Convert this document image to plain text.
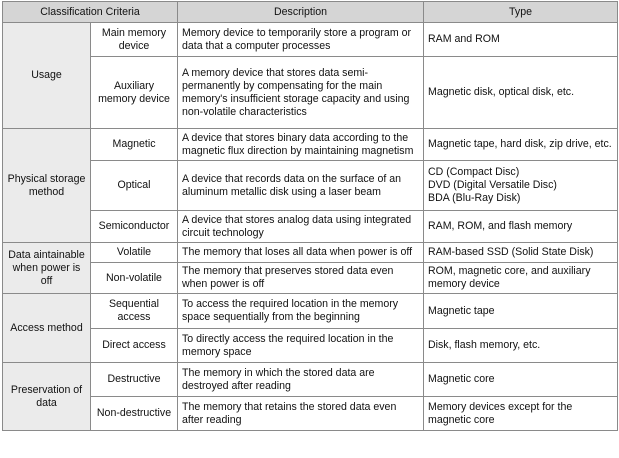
Classification Criteria		Description	Type
Usage	Main memory device	Memory device to temporarily store a program or data that a computer processes	RAM and ROM
	Auxiliary memory device	A memory device that stores data semi-permanently by compensating for the main memory's insufficient storage capacity and using non-volatile characteristics	Magnetic disk, optical disk, etc.
Physical storage method	Magnetic	A device that stores binary data according to the magnetic flux direction by maintaining magnetism	Magnetic tape, hard disk, zip drive, etc.
	Optical	A device that records data on the surface of an aluminum metallic disk using a laser beam	CD (Compact Disc)
DVD (Digital Versatile Disc)
BDA (Blu-Ray Disk)

	Semiconductor	A device that stores analog data using integrated circuit technology	RAM, ROM, and flash memory
Data aintainable when power is off	Volatile	The memory that loses all data when power is off	RAM-based SSD (Solid State Disk)
	Non-volatile	The memory that preserves stored data even when power is off	ROM, magnetic core, and auxiliary memory device
Access method	Sequential access	To access the required location in the memory space sequentially from the beginning	Magnetic tape
	Direct access	To directly access the required location in the memory space	Disk, flash memory, etc.
Preservation of data	Destructive	The memory in which the stored data are destroyed after reading	Magnetic core
	Non-destructive	The memory that retains the stored data even after reading	Memory devices except for the magnetic core
